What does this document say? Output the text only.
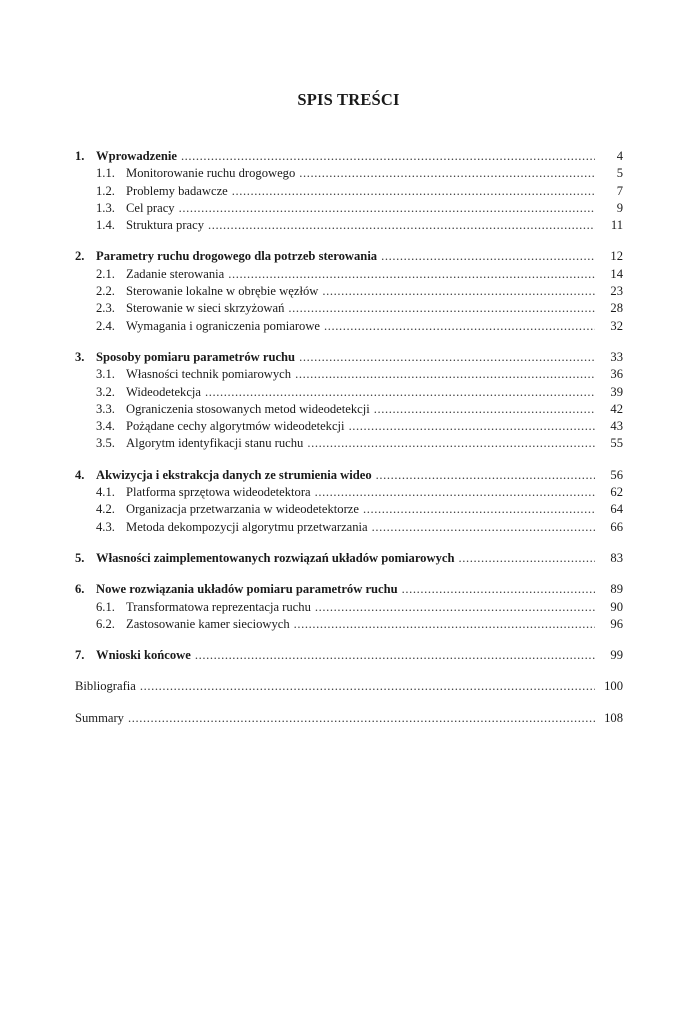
SPIS TREŚCI
1. Wprowadzenie .....	4
1.1. Monitorowanie ruchu drogowego .....	5
1.2. Problemy badawcze .....	7
1.3. Cel pracy .....	9
1.4. Struktura pracy .....	11
2. Parametry ruchu drogowego dla potrzeb sterowania .....	12
2.1. Zadanie sterowania .....	14
2.2. Sterowanie lokalne w obrębie węzłów .....	23
2.3. Sterowanie w sieci skrzyżowań .....	28
2.4. Wymagania i ograniczenia pomiarowe .....	32
3. Sposoby pomiaru parametrów ruchu .....	33
3.1. Własności technik pomiarowych .....	36
3.2. Wideodetekcja .....	39
3.3. Ograniczenia stosowanych metod wideodetekcji .....	42
3.4. Pożądane cechy algorytmów wideodetekcji .....	43
3.5. Algorytm identyfikacji stanu ruchu .....	55
4. Akwizycja i ekstrakcja danych ze strumienia wideo .....	56
4.1. Platforma sprzętowa wideodetektora .....	62
4.2. Organizacja przetwarzania w wideodetektorze .....	64
4.3. Metoda dekompozycji algorytmu przetwarzania .....	66
5. Własności zaimplementowanych rozwiązań układów pomiarowych .....	83
6. Nowe rozwiązania układów pomiaru parametrów ruchu .....	89
6.1. Transformatowa reprezentacja ruchu .....	90
6.2. Zastosowanie kamer sieciowych .....	96
7. Wnioski końcowe .....	99
Bibliografia .....	100
Summary .....	108
